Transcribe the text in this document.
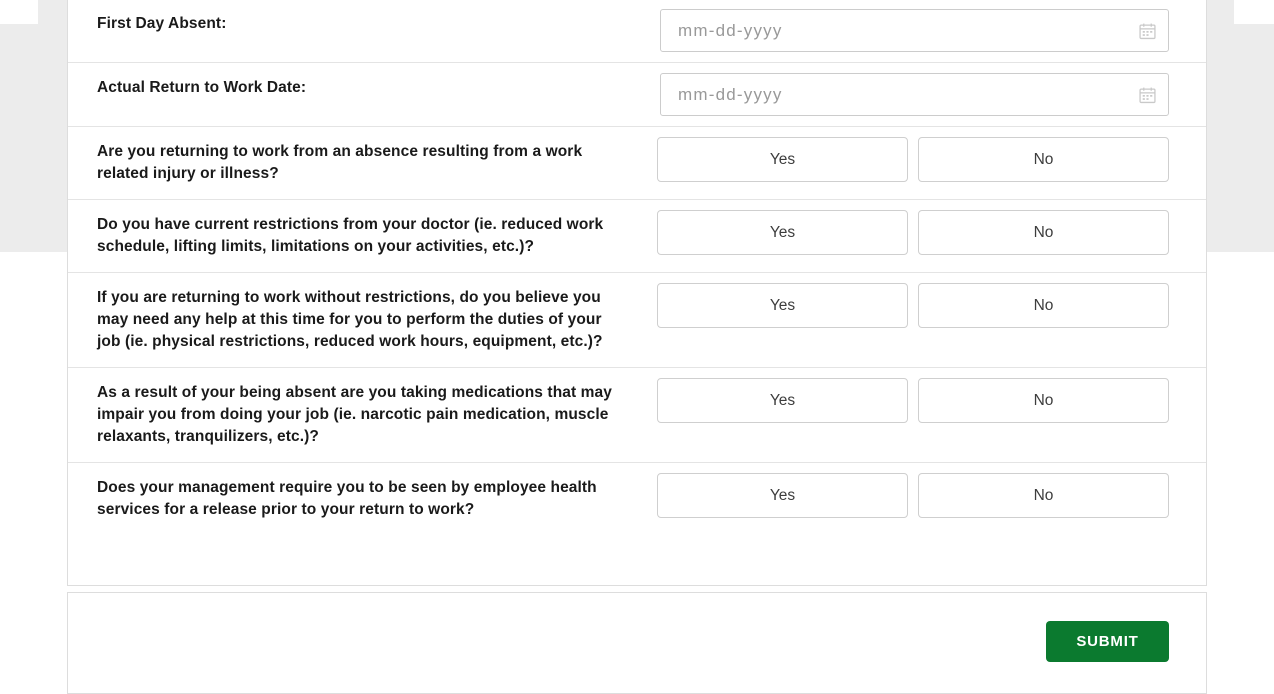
First Day Absent:	mm-dd-yyyy
Actual Return to Work Date:	mm-dd-yyyy
Are you returning to work from an absence resulting from a work related injury or illness?
Yes	No
Do you have current restrictions from your doctor (ie. reduced work schedule, lifting limits, limitations on your activities, etc.)?
Yes	No
If you are returning to work without restrictions, do you believe you may need any help at this time for you to perform the duties of your job (ie. physical restrictions, reduced work hours, equipment, etc.)?
Yes	No
As a result of your being absent are you taking medications that may impair you from doing your job (ie. narcotic pain medication, muscle relaxants, tranquilizers, etc.)?
Yes	No
Does your management require you to be seen by employee health services for a release prior to your return to work?
Yes	No
SUBMIT
